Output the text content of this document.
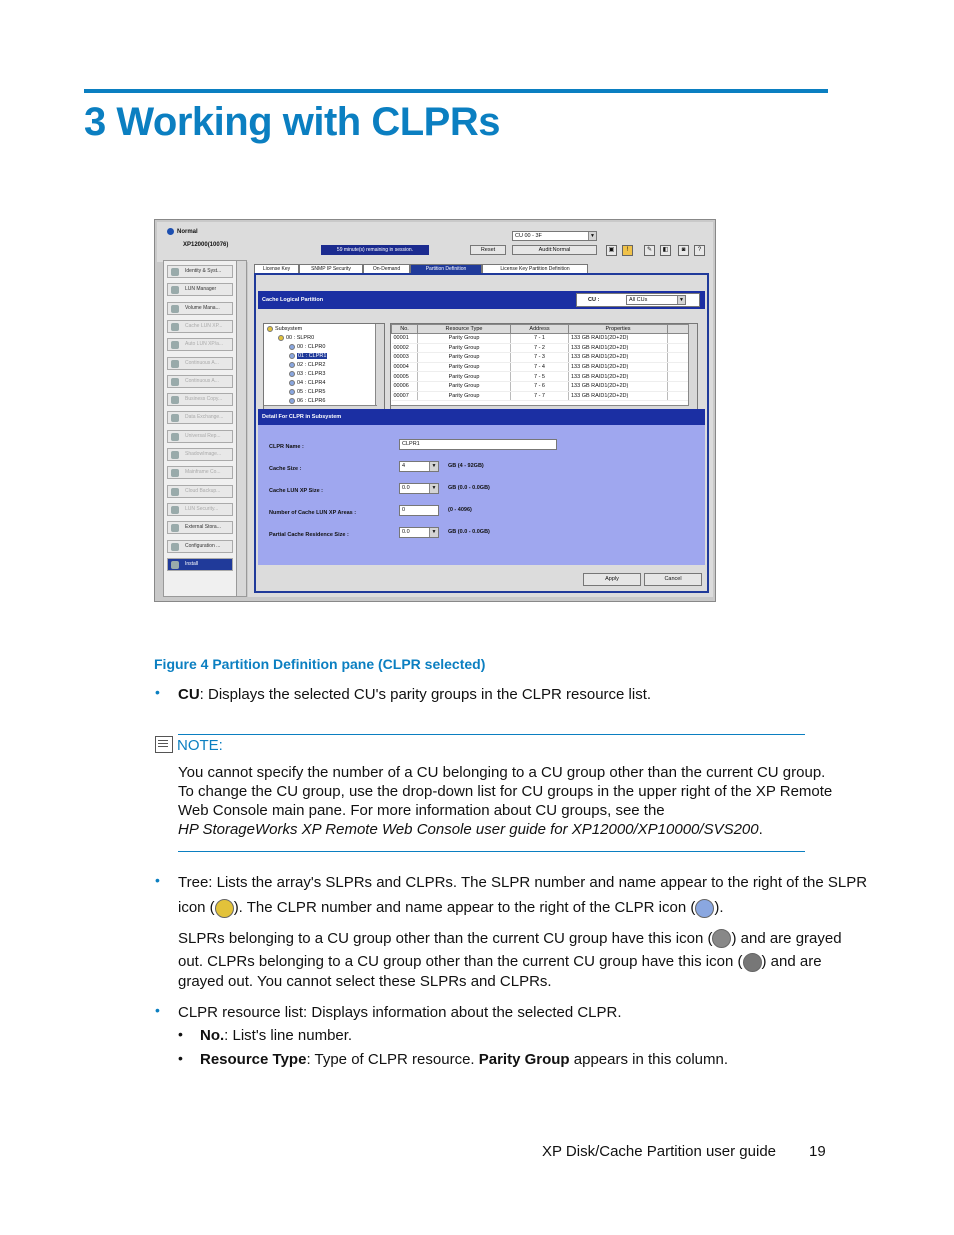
3 Working with CLPRs
Normal
XP12000(10076)
59 minute(s) remaining in session.	Reset
CU 00 - 3F	▼
Audit:Normal	▣	!	✎	◧	◙	?
Identity & Syst...
LUN Manager
Volume Mana...
Cache LUN XP...
Auto LUN XP/a...
Continuous A...
Continuous A...
Business Copy...
Data Exchange...
Universal Rep...
ShadowImage...
Mainframe Co...
Cloud Backup...
LUN Security...
External Stora...
Configuration ...
Install
License Key	SNMP IP Security	On-Demand	Partition Definition	License Key Partition Definition
Cache Logical Partition	CU :	All CUs	▼
Subsystem
00 : SLPR0
00 : CLPR0
01 : CLPR1
02 : CLPR2
03 : CLPR3
04 : CLPR4
05 : CLPR5
06 : CLPR6
No.	Resource Type	Address	Properties	
00001	Parity Group	7 - 1	133 GB RAID1(2D+2D)	
00002	Parity Group	7 - 2	133 GB RAID1(2D+2D)	
00003	Parity Group	7 - 3	133 GB RAID1(2D+2D)	
00004	Parity Group	7 - 4	133 GB RAID1(2D+2D)	
00005	Parity Group	7 - 5	133 GB RAID1(2D+2D)	
00006	Parity Group	7 - 6	133 GB RAID1(2D+2D)	
00007	Parity Group	7 - 7	133 GB RAID1(2D+2D)	
Detail For CLPR in Subsystem
CLPR Name :	CLPR1
Cache Size :	4	▼ GB (4 - 92GB)
Cache LUN XP Size :	0.0	▼ GB (0.0 - 0.0GB)
Number of Cache LUN XP Areas :	0	(0 - 4096)
Partial Cache Residence Size :	0.0	▼ GB (0.0 - 0.0GB)
Apply	Cancel
Figure 4 Partition Definition pane (CLPR selected)
• CU: Displays the selected CU's parity groups in the CLPR resource list.
NOTE:
You cannot specify the number of a CU belonging to a CU group other than the current CU group.
To change the CU group, use the drop-down list for CU groups in the upper right of the XP Remote
Web Console main pane. For more information about CU groups, see the
HP StorageWorks XP Remote Web Console user guide for XP12000/XP10000/SVS200.
• Tree: Lists the array's SLPRs and CLPRs. The SLPR number and name appear to the right of the SLPR
icon ( ). The CLPR number and name appear to the right of the CLPR icon ( ).
SLPRs belonging to a CU group other than the current CU group have this icon ( ) and are grayed
out. CLPRs belonging to a CU group other than the current CU group have this icon ( ) and are
grayed out. You cannot select these SLPRs and CLPRs.
• CLPR resource list: Displays information about the selected CLPR.
• No.: List's line number.
• Resource Type: Type of CLPR resource. Parity Group appears in this column.
XP Disk/Cache Partition user guide 19
